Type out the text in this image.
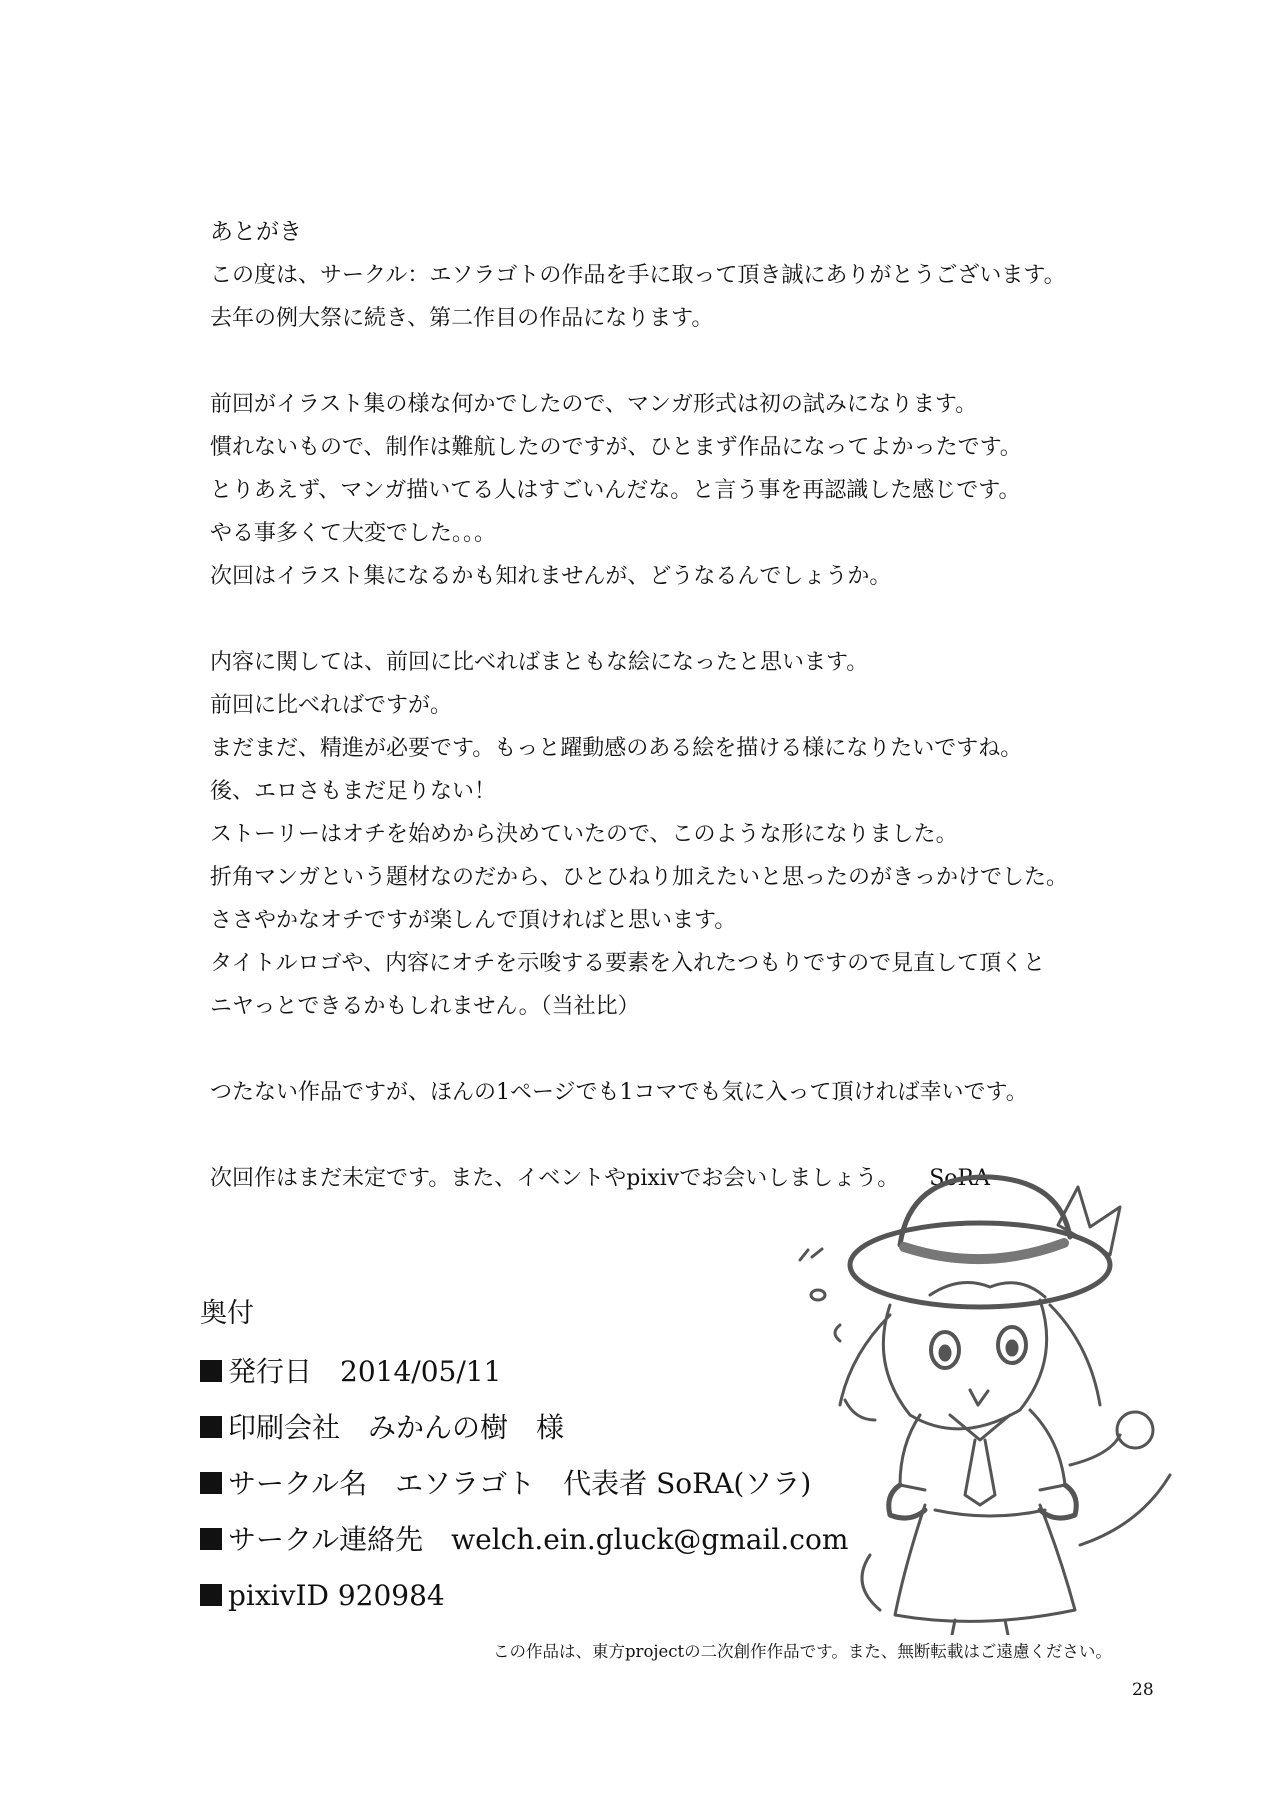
あとがき

この度は、サークル：エソラゴトの作品を手に取って頂き誠にありがとうございます。

去年の例大祭に続き、第二作目の作品になります。

前回がイラスト集の様な何かでしたので、マンガ形式は初の試みになります。

慣れないもので、制作は難航したのですが、ひとまず作品になってよかったです。

とりあえず、マンガ描いてる人はすごいんだな。と言う事を再認識した感じです。

やる事多くて大変でした。。。

次回はイラスト集になるかも知れませんが、どうなるんでしょうか。

内容に関しては、前回に比べればまともな絵になったと思います。

前回に比べればですが。

まだまだ、精進が必要です。もっと躍動感のある絵を描ける様になりたいですね。

後、エロさもまだ足りない！

ストーリーはオチを始めから決めていたので、このような形になりました。

折角マンガという題材なのだから、ひとひねり加えたいと思ったのがきっかけでした。

ささやかなオチですが楽しんで頂ければと思います。

タイトルロゴや、内容にオチを示唆する要素を入れたつもりですので見直して頂くと

ニヤっとできるかもしれません。（当社比）

つたない作品ですが、ほんの1ページでも1コマでも気に入って頂ければ幸いです。

次回作はまだ未定です。また、イベントやpixivでお会いしましょう。 SoRA

奥付

発行日 2014/05/11

印刷会社 みかんの樹　様

サークル名 エソラゴト　代表者 SoRA(ソラ)

サークル連絡先 welch.ein.gluck@gmail.com

pixivID 920984

この作品は、東方projectの二次創作作品です。また、無断転載はご遠慮ください。
28
